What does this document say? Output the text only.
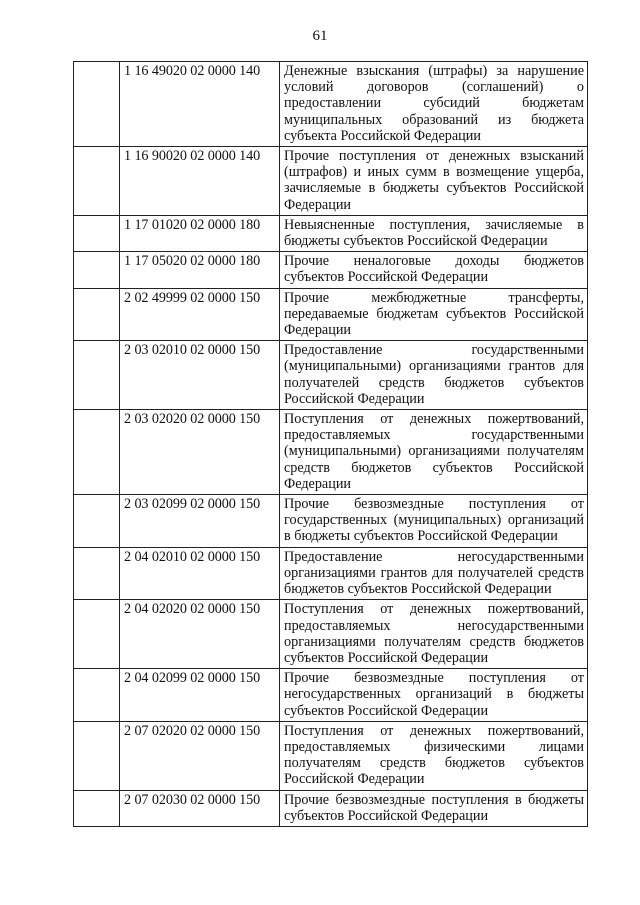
61
	1 16 49020 02 0000 140	Денежные взыскания (штрафы) за нарушение условий договоров (соглашений) о предоставлении субсидий бюджетам муниципальных образований из бюджета субъекта Российской Федерации
	1 16 90020 02 0000 140	Прочие поступления от денежных взысканий (штрафов) и иных сумм в возмещение ущерба, зачисляемые в бюджеты субъектов Российской Федерации
	1 17 01020 02 0000 180	Невыясненные поступления, зачисляемые в бюджеты субъектов Российской Федерации
	1 17 05020 02 0000 180	Прочие неналоговые доходы бюджетов субъектов Российской Федерации
	2 02 49999 02 0000 150	Прочие межбюджетные трансферты, передаваемые бюджетам субъектов Российской Федерации
	2 03 02010 02 0000 150	Предоставление государственными (муниципальными) организациями грантов для получателей средств бюджетов субъектов Российской Федерации
	2 03 02020 02 0000 150	Поступления от денежных пожертвований, предоставляемых государственными (муниципальными) организациями получателям средств бюджетов субъектов Российской Федерации
	2 03 02099 02 0000 150	Прочие безвозмездные поступления от государственных (муниципальных) организаций в бюджеты субъектов Российской Федерации
	2 04 02010 02 0000 150	Предоставление негосударственными организациями грантов для получателей средств бюджетов субъектов Российской Федерации
	2 04 02020 02 0000 150	Поступления от денежных пожертвований, предоставляемых негосударственными организациями получателям средств бюджетов субъектов Российской Федерации
	2 04 02099 02 0000 150	Прочие безвозмездные поступления от негосударственных организаций в бюджеты субъектов Российской Федерации
	2 07 02020 02 0000 150	Поступления от денежных пожертвований, предоставляемых физическими лицами получателям средств бюджетов субъектов Российской Федерации
	2 07 02030 02 0000 150	Прочие безвозмездные поступления в бюджеты субъектов Российской Федерации
